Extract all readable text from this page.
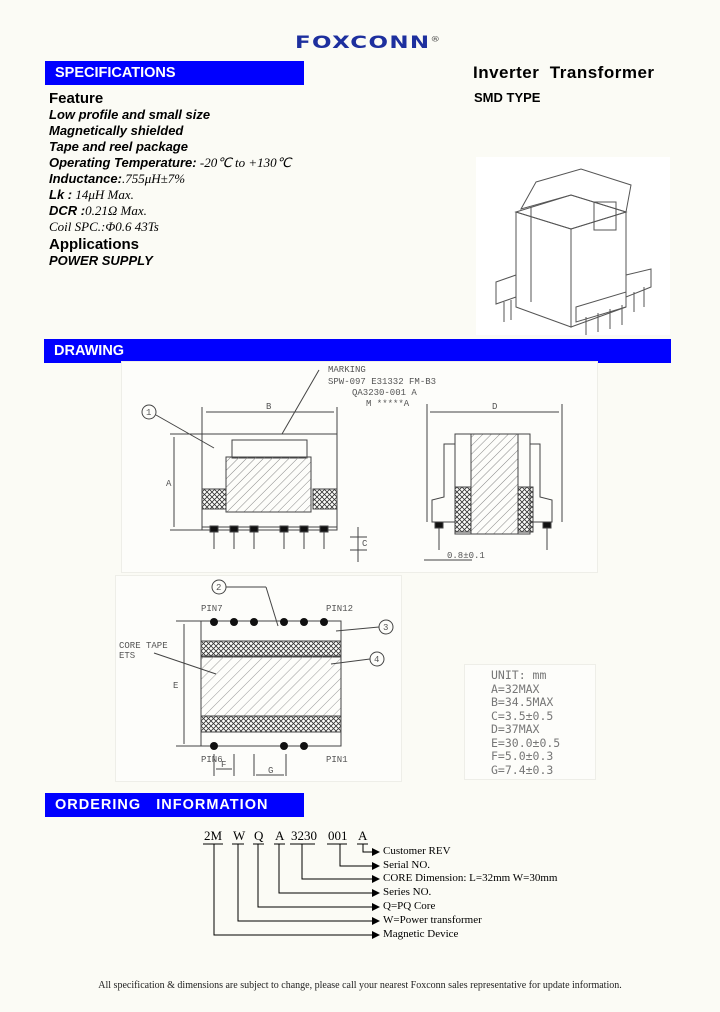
FOXCONN®
SPECIFICATIONS	Inverter  Transformer
SMD TYPE
Feature
Low profile and small size
Magnetically shielded
Tape and reel package
Operating Temperature: -20℃ to +130℃
Inductance:.755μH±7%
Lk : 14μH Max.
DCR :0.21Ω Max.
Coil SPC.:Φ0.6 43Ts
Applications
POWER SUPPLY
DRAWING
MARKING
SPW-097 E31332 FM-B3
QA3230-001 A
M *****A
B
A
C
D
0.8±0.1
1
PIN7	PIN12
PIN6	PIN1
CORE TAPE
ETS
E
F
G
2
3
4
UNIT: mm
A=32MAX
B=34.5MAX
C=3.5±0.5
D=37MAX
E=30.0±0.5
F=5.0±0.3
G=7.4±0.3
ORDERING   INFORMATION
2M W Q A 3230 001 A
Customer REV
Serial NO.
CORE Dimension: L=32mm W=30mm
Series NO.
Q=PQ Core
W=Power transformer
Magnetic Device
All specification & dimensions are subject to change, please call your nearest Foxconn sales representative for update information.
